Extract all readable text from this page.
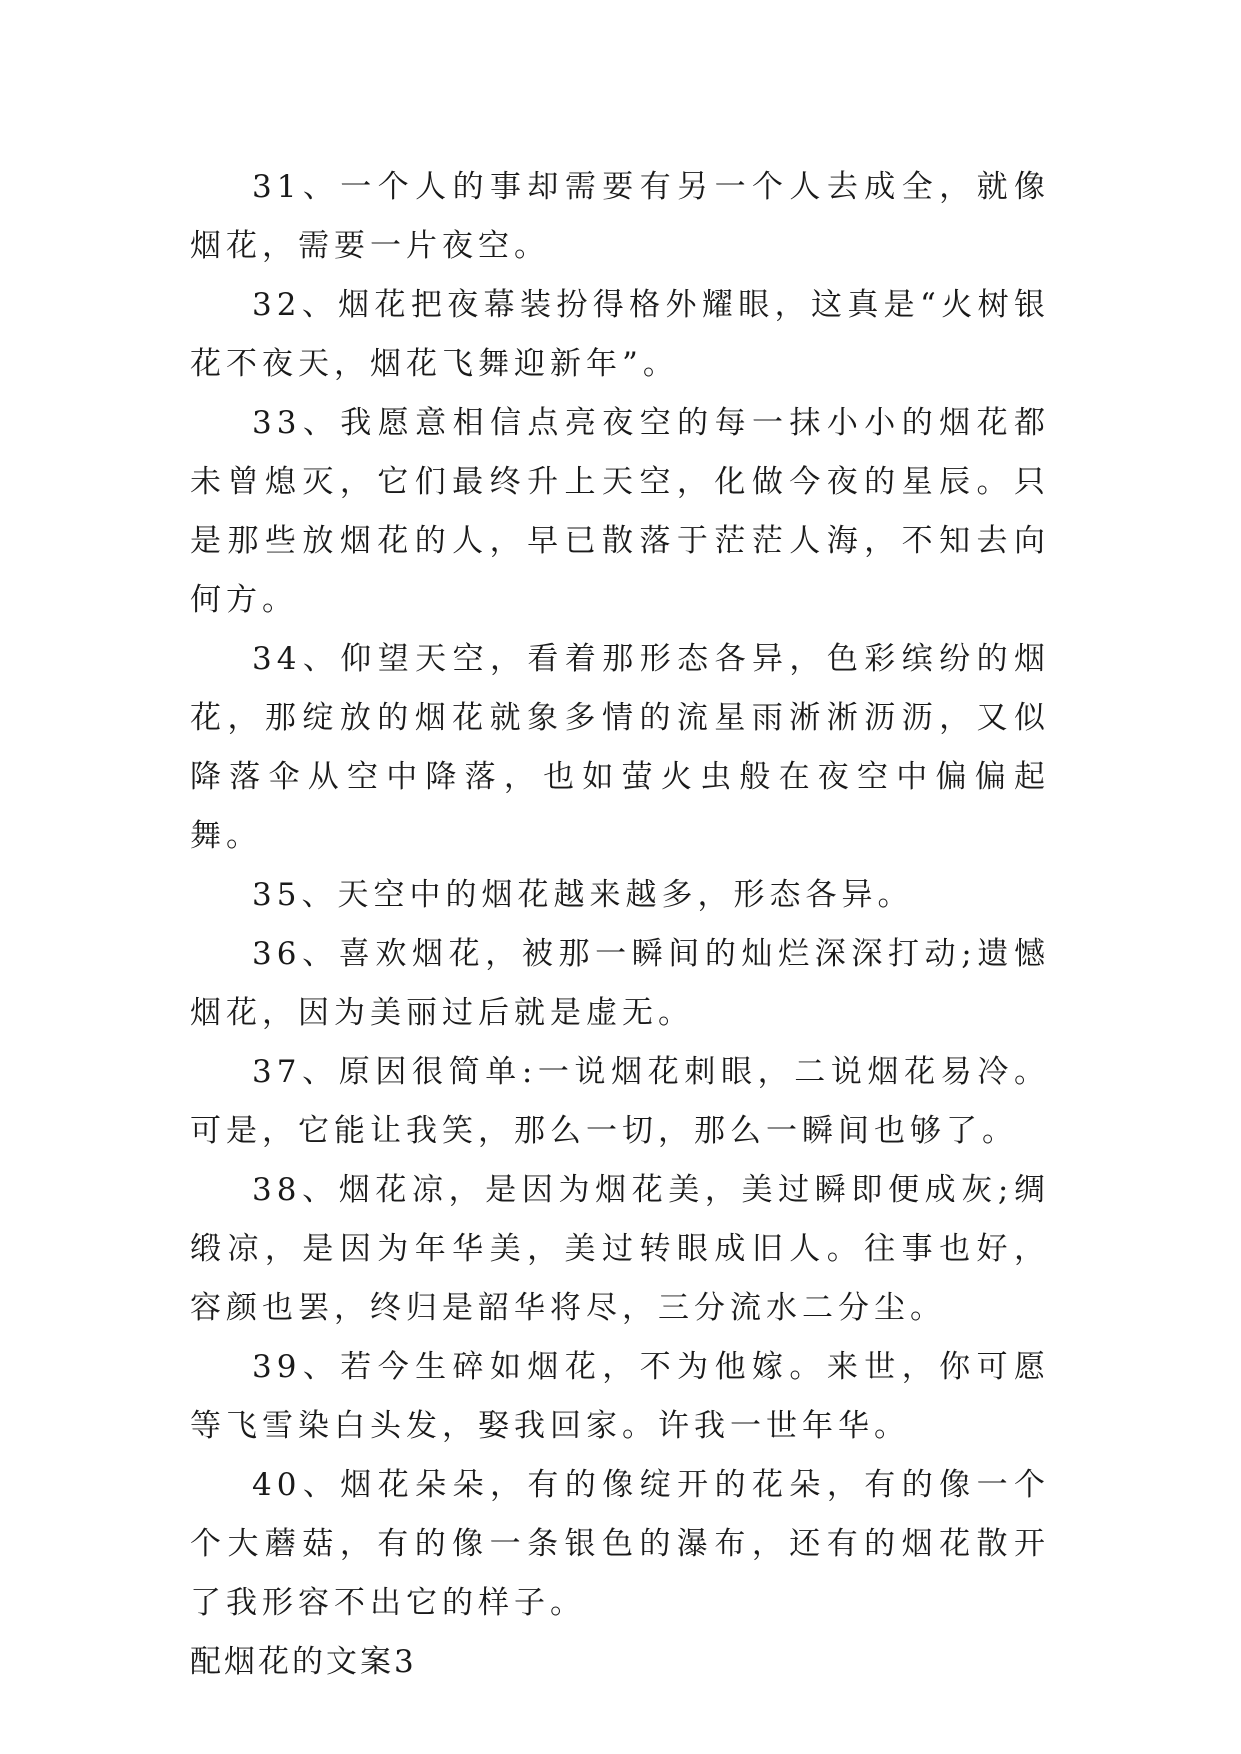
31、一个人的事却需要有另一个人去成全，就像烟花，需要一片夜空。

32、烟花把夜幕装扮得格外耀眼，这真是“火树银花不夜天，烟花飞舞迎新年”。

33、我愿意相信点亮夜空的每一抹小小的烟花都未曾熄灭，它们最终升上天空，化做今夜的星辰。只是那些放烟花的人，早已散落于茫茫人海，不知去向何方。

34、仰望天空，看着那形态各异，色彩缤纷的烟花，那绽放的烟花就象多情的流星雨淅淅沥沥，又似降落伞从空中降落，也如萤火虫般在夜空中偏偏起舞。

35、天空中的烟花越来越多，形态各异。

36、喜欢烟花，被那一瞬间的灿烂深深打动;遗憾烟花，因为美丽过后就是虚无。

37、原因很简单:一说烟花刺眼，二说烟花易冷。可是，它能让我笑，那么一切，那么一瞬间也够了。

38、烟花凉，是因为烟花美，美过瞬即便成灰;绸缎凉，是因为年华美，美过转眼成旧人。往事也好，容颜也罢，终归是韶华将尽，三分流水二分尘。

39、若今生碎如烟花，不为他嫁。来世，你可愿等飞雪染白头发，娶我回家。许我一世年华。

40、烟花朵朵，有的像绽开的花朵，有的像一个个大蘑菇，有的像一条银色的瀑布，还有的烟花散开了我形容不出它的样子。

配烟花的文案3
